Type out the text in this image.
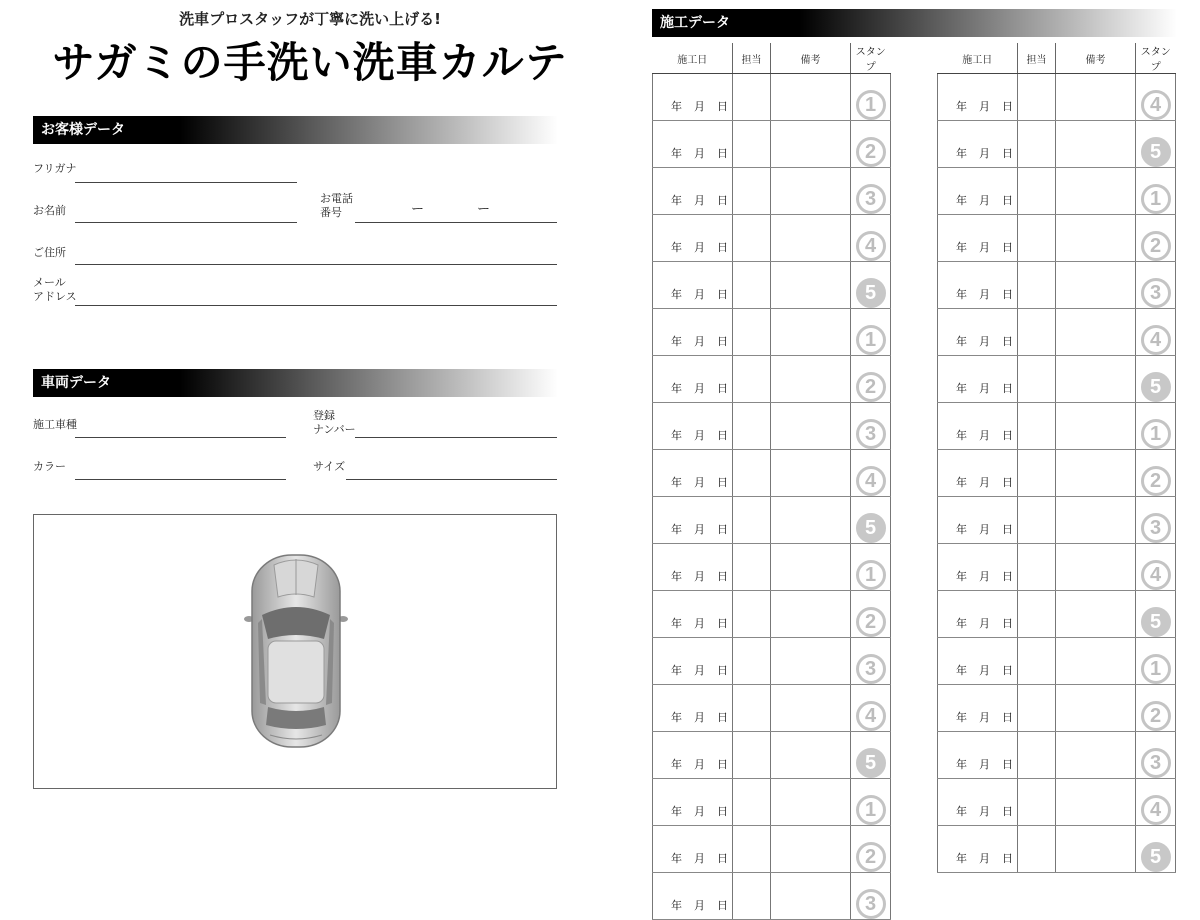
洗車プロスタッフが丁寧に洗い上げる!
サガミの手洗い洗車カルテ
お客様データ
フリガナ
お名前
お電話
番号	ー	ー
ご住所
メール
アドレス
車両データ
施工車種
登録
ナンバー
カラー	サイズ
施工データ
施工日	担当	備考	スタンプ
年 月 日			1
年 月 日			2
年 月 日			3
年 月 日			4
年 月 日			5
年 月 日			1
年 月 日			2
年 月 日			3
年 月 日			4
年 月 日			5
年 月 日			1
年 月 日			2
年 月 日			3
年 月 日			4
年 月 日			5
年 月 日			1
年 月 日			2
年 月 日			3
施工日	担当	備考	スタンプ
年 月 日			4
年 月 日			5
年 月 日			1
年 月 日			2
年 月 日			3
年 月 日			4
年 月 日			5
年 月 日			1
年 月 日			2
年 月 日			3
年 月 日			4
年 月 日			5
年 月 日			1
年 月 日			2
年 月 日			3
年 月 日			4
年 月 日			5
